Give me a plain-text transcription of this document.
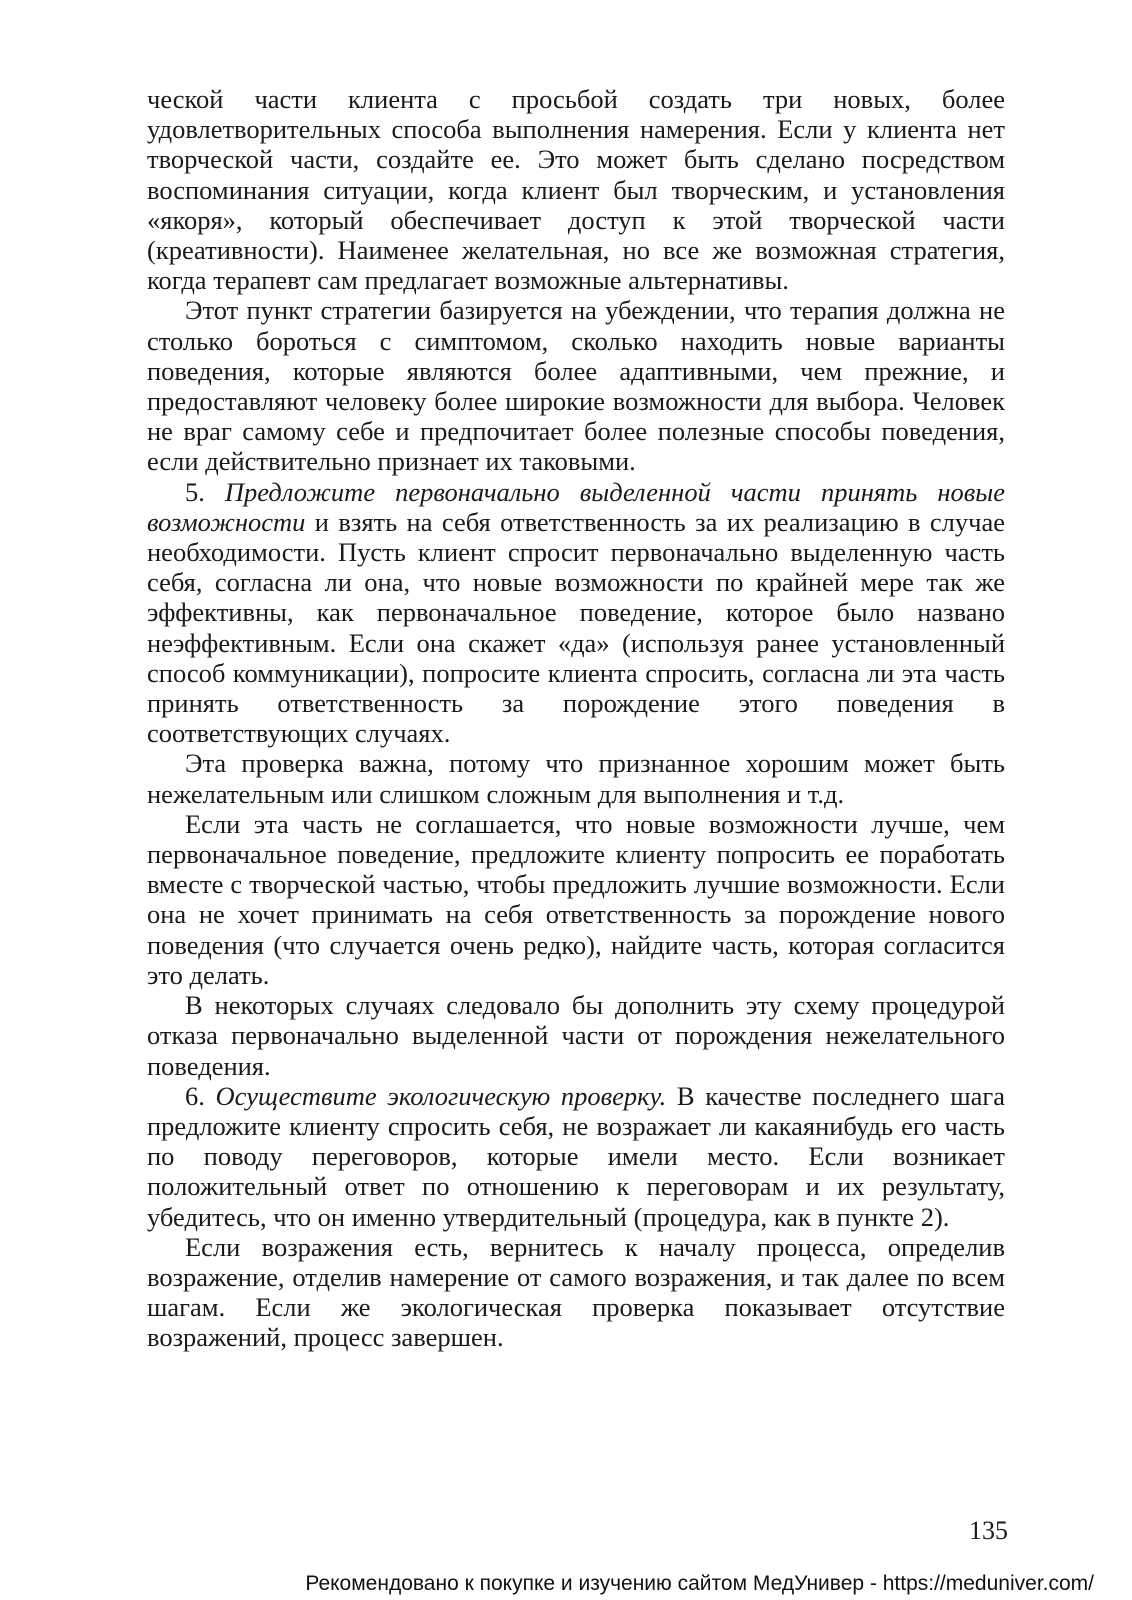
ческой части клиента с просьбой создать три новых, более удовлетворительных способа выполнения намерения. Если у клиента нет творческой части, создайте ее. Это может быть сделано посредством воспоминания ситуации, когда клиент был творческим, и установления «якоря», который обеспечивает доступ к этой творческой части (креативности). Наименее желательная, но все же возможная стратегия, когда терапевт сам предлагает возможные альтернативы.

Этот пункт стратегии базируется на убеждении, что терапия должна не столько бороться с симптомом, сколько находить новые варианты поведения, которые являются более адаптивными, чем прежние, и предоставляют человеку более широкие возможности для выбора. Человек не враг самому себе и предпочитает более полезные способы поведения, если действительно признает их таковыми.

5. Предложите первоначально выделенной части принять новые возможности и взять на себя ответственность за их реализацию в случае необходимости. Пусть клиент спросит первоначально выделенную часть себя, согласна ли она, что новые возможности по крайней мере так же эффективны, как первоначальное поведение, которое было названо неэффективным. Если она скажет «да» (используя ранее установленный способ коммуникации), попросите клиента спросить, согласна ли эта часть принять ответственность за порождение этого поведения в соответствующих случаях.

Эта проверка важна, потому что признанное хорошим может быть нежелательным или слишком сложным для выполнения и т.д.

Если эта часть не соглашается, что новые возможности лучше, чем первоначальное поведение, предложите клиенту попросить ее поработать вместе с творческой частью, чтобы предложить лучшие возможности. Если она не хочет принимать на себя ответственность за порождение нового поведения (что случается очень редко), найдите часть, которая согласится это делать.

В некоторых случаях следовало бы дополнить эту схему процедурой отказа первоначально выделенной части от порождения нежелательного поведения.

6. Осуществите экологическую проверку. В качестве последнего шага предложите клиенту спросить себя, не возражает ли какаянибудь его часть по поводу переговоров, которые имели место. Если возникает положительный ответ по отношению к переговорам и их результату, убедитесь, что он именно утвердительный (процедура, как в пункте 2).

Если возражения есть, вернитесь к началу процесса, определив возражение, отделив намерение от самого возражения, и так далее по всем шагам. Если же экологическая проверка показывает отсутствие возражений, процесс завершен.

135
Рекомендовано к покупке и изучению сайтом МедУнивер - https://meduniver.com/
